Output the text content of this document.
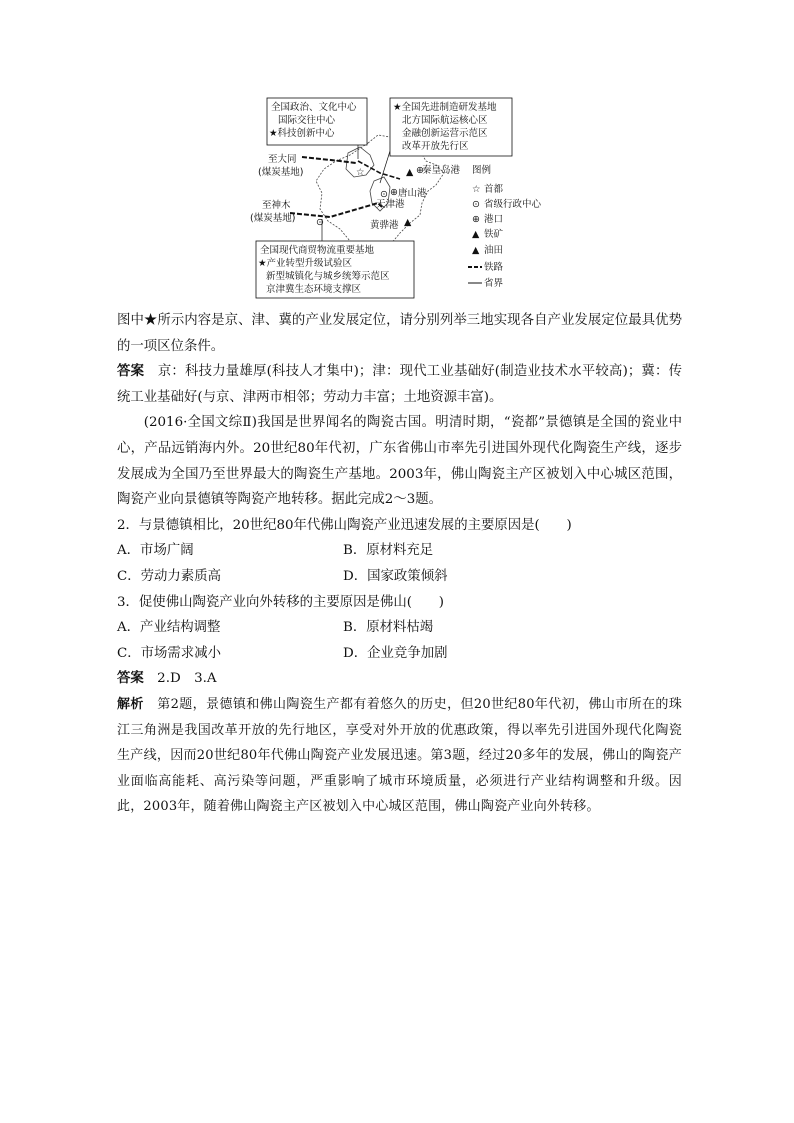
全国政治、文化中心
国际交往中心
★科技创新中心
★全国先进制造研发基地
北方国际航运核心区
金融创新运营示范区
改革开放先行区
全国现代商贸物流重要基地
★产业转型升级试验区
新型城镇化与城乡统筹示范区
京津冀生态环境支撑区
至大同
(煤炭基地)
至神木
(煤炭基地)
秦皇岛港
唐山港
天津港
黄骅港
☆
⊙
⊙
⊕
⊕
▲
▲
图例
☆ 首都
⊙ 省级行政中心
⊕ 港口
▲ 铁矿
▲ 油田
铁路
省界

图中★所示内容是京、津、冀的产业发展定位，请分别列举三地实现各自产业发展定位最具优势的一项区位条件。

答案　 京：科技力量雄厚(科技人才集中)；津：现代工业基础好(制造业技术水平较高)；冀：传统工业基础好(与京、津两市相邻；劳动力丰富；土地资源丰富)。

(2016·全国文综Ⅱ)我国是世界闻名的陶瓷古国。明清时期，“瓷都”景德镇是全国的瓷业中心，产品远销海内外。20世纪80年代初，广东省佛山市率先引进国外现代化陶瓷生产线，逐步发展成为全国乃至世界最大的陶瓷生产基地。2003年，佛山陶瓷主产区被划入中心城区范围，陶瓷产业向景德镇等陶瓷产地转移。据此完成2～3题。

2．与景德镇相比，20世纪80年代佛山陶瓷产业迅速发展的主要原因是(　　)

A．市场广阔	B．原材料充足
C．劳动力素质高	D．国家政策倾斜

3．促使佛山陶瓷产业向外转移的主要原因是佛山(　　)

A．产业结构调整	B．原材料枯竭
C．市场需求减小	D．企业竞争加剧

答案　 2.D　3.A

解析　 第2题，景德镇和佛山陶瓷生产都有着悠久的历史，但20世纪80年代初，佛山市所在的珠江三角洲是我国改革开放的先行地区，享受对外开放的优惠政策，得以率先引进国外现代化陶瓷生产线，因而20世纪80年代佛山陶瓷产业发展迅速。第3题，经过20多年的发展，佛山的陶瓷产业面临高能耗、高污染等问题，严重影响了城市环境质量，必须进行产业结构调整和升级。因此，2003年，随着佛山陶瓷主产区被划入中心城区范围，佛山陶瓷产业向外转移。
